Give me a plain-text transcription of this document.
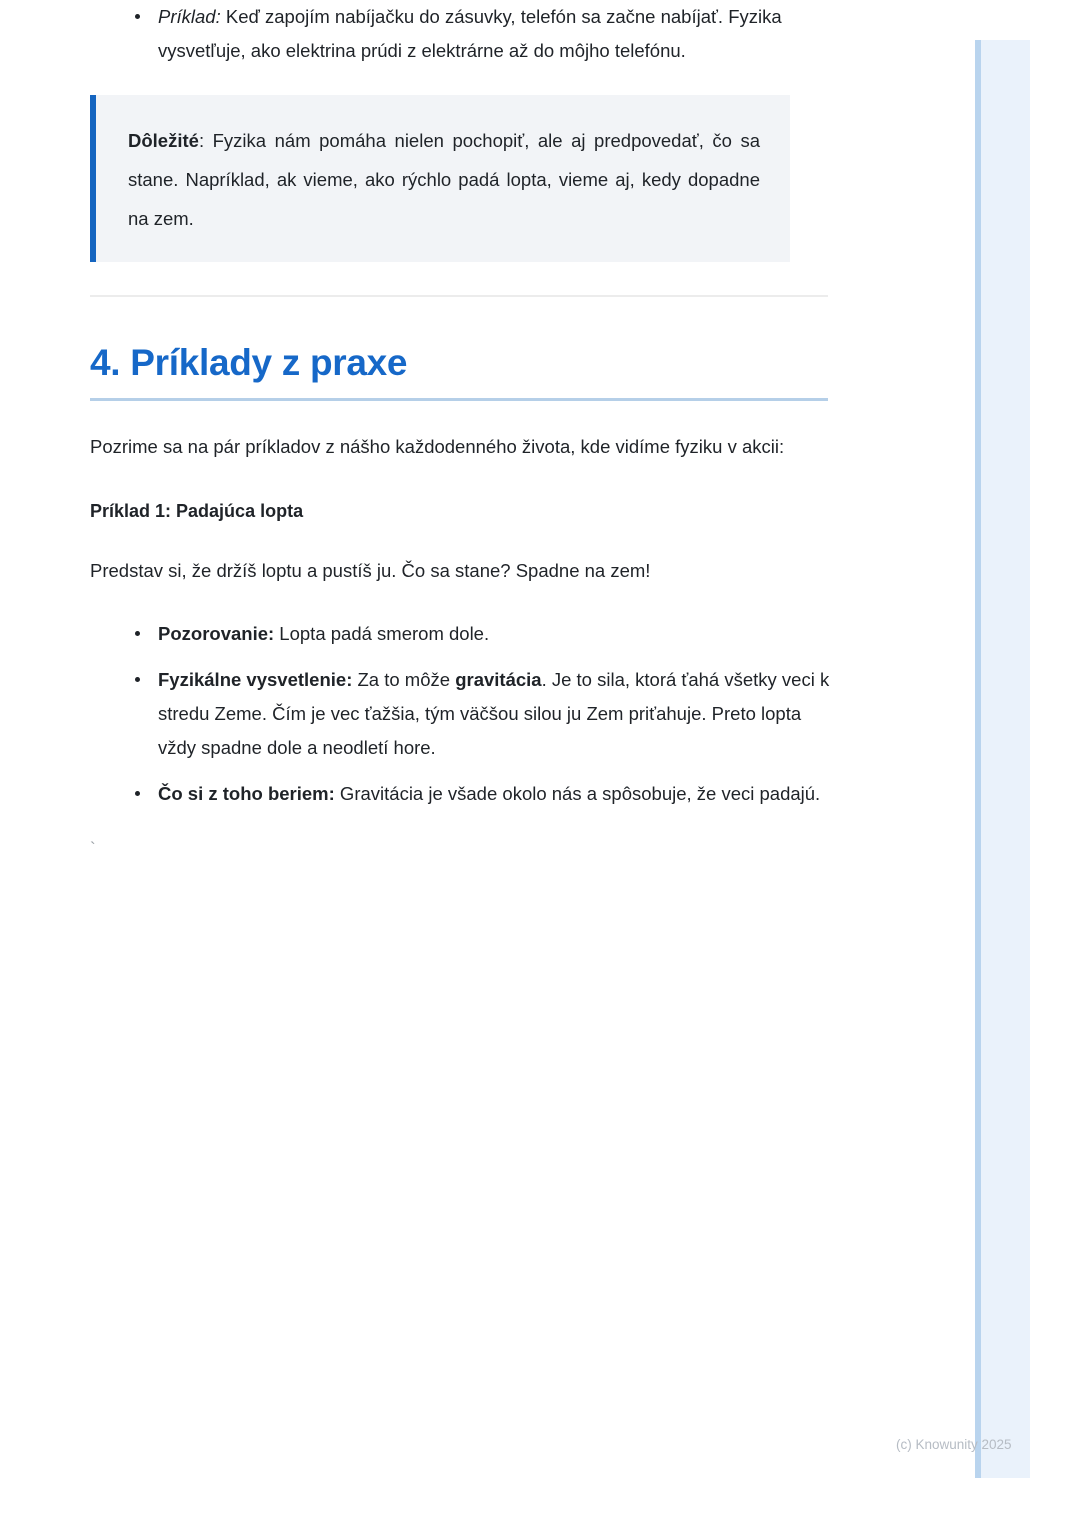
Príklad: Keď zapojím nabíjačku do zásuvky, telefón sa začne nabíjať. Fyzika vysvetľuje, ako elektrina prúdi z elektrárne až do môjho telefónu.

Dôležité: Fyzika nám pomáha nielen pochopiť, ale aj predpovedať, čo sa stane. Napríklad, ak vieme, ako rýchlo padá lopta, vieme aj, kedy dopadne na zem.

4. Príklady z praxe

Pozrime sa na pár príkladov z nášho každodenného života, kde vidíme fyziku v akcii:

Príklad 1: Padajúca lopta

Predstav si, že držíš loptu a pustíš ju. Čo sa stane? Spadne na zem!

Pozorovanie: Lopta padá smerom dole.
Fyzikálne vysvetlenie: Za to môže gravitácia. Je to sila, ktorá ťahá všetky veci k stredu Zeme. Čím je vec ťažšia, tým väčšou silou ju Zem priťahuje. Preto lopta vždy spadne dole a neodletí hore.
Čo si z toho beriem: Gravitácia je všade okolo nás a spôsobuje, že veci padajú.

`

(c) Knowunity 2025
